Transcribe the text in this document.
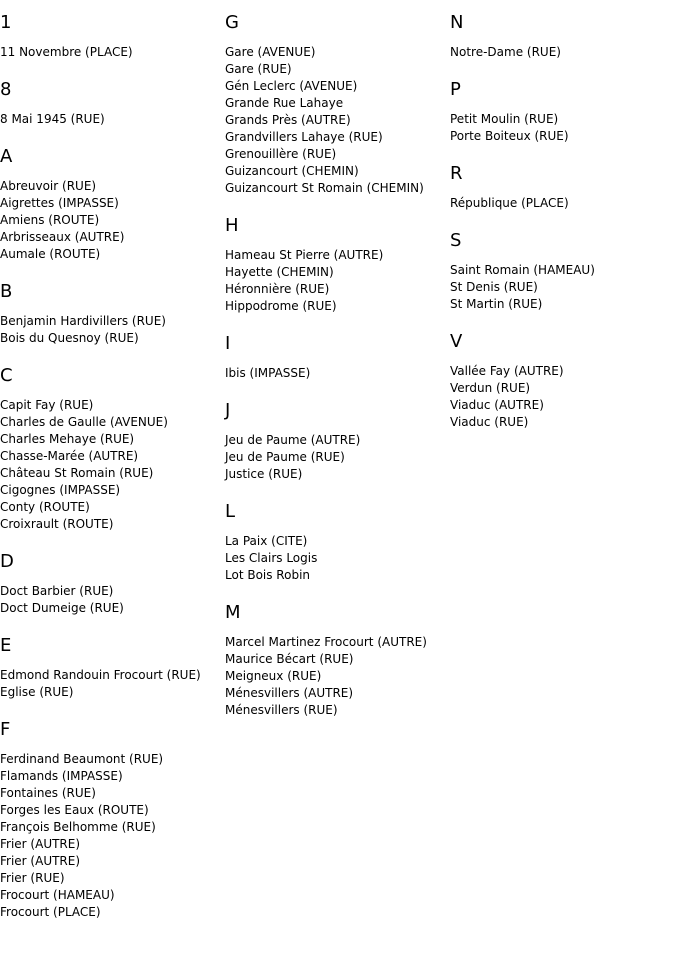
1
11 Novembre (PLACE)
8
8 Mai 1945 (RUE)
A
Abreuvoir (RUE)
Aigrettes (IMPASSE)
Amiens (ROUTE)
Arbrisseaux (AUTRE)
Aumale (ROUTE)
B
Benjamin Hardivillers (RUE)
Bois du Quesnoy (RUE)
C
Capit Fay (RUE)
Charles de Gaulle (AVENUE)
Charles Mehaye (RUE)
Chasse-Marée (AUTRE)
Château St Romain (RUE)
Cigognes (IMPASSE)
Conty (ROUTE)
Croixrault (ROUTE)
D
Doct Barbier (RUE)
Doct Dumeige (RUE)
E
Edmond Randouin Frocourt (RUE)
Eglise (RUE)
F
Ferdinand Beaumont (RUE)
Flamands (IMPASSE)
Fontaines (RUE)
Forges les Eaux (ROUTE)
François Belhomme (RUE)
Frier (AUTRE)
Frier (AUTRE)
Frier (RUE)
Frocourt (HAMEAU)
Frocourt (PLACE)
G
Gare (AVENUE)
Gare (RUE)
Gén Leclerc (AVENUE)
Grande Rue Lahaye
Grands Près (AUTRE)
Grandvillers Lahaye (RUE)
Grenouillère (RUE)
Guizancourt (CHEMIN)
Guizancourt St Romain (CHEMIN)
H
Hameau St Pierre (AUTRE)
Hayette (CHEMIN)
Héronnière (RUE)
Hippodrome (RUE)
I
Ibis (IMPASSE)
J
Jeu de Paume (AUTRE)
Jeu de Paume (RUE)
Justice (RUE)
L
La Paix (CITE)
Les Clairs Logis
Lot Bois Robin
M
Marcel Martinez Frocourt (AUTRE)
Maurice Bécart (RUE)
Meigneux (RUE)
Ménesvillers (AUTRE)
Ménesvillers (RUE)
N
Notre-Dame (RUE)
P
Petit Moulin (RUE)
Porte Boiteux (RUE)
R
République (PLACE)
S
Saint Romain (HAMEAU)
St Denis (RUE)
St Martin (RUE)
V
Vallée Fay (AUTRE)
Verdun (RUE)
Viaduc (AUTRE)
Viaduc (RUE)
